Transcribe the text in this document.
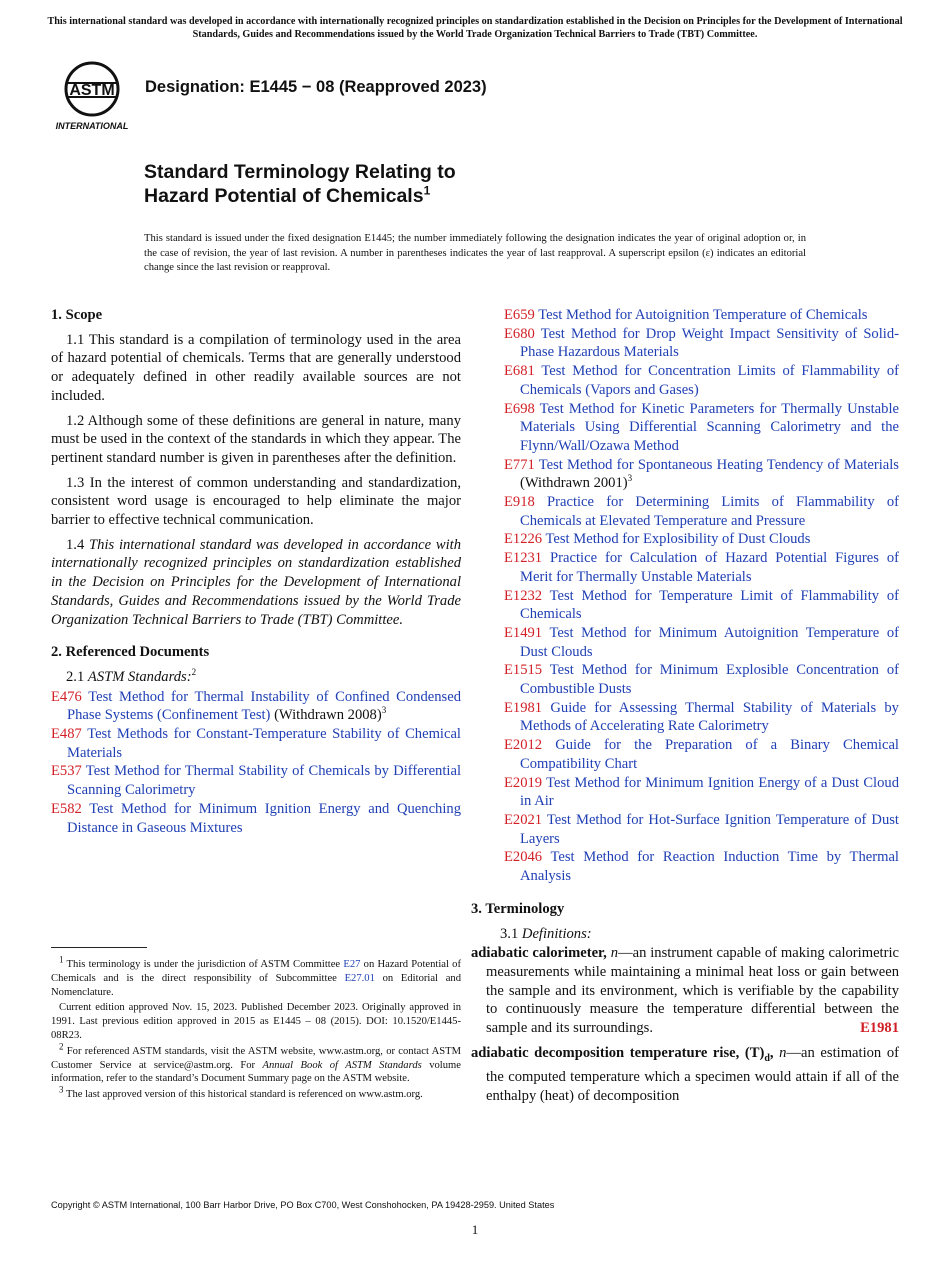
This international standard was developed in accordance with internationally recognized principles on standardization established in the Decision on Principles for the Development of International Standards, Guides and Recommendations issued by the World Trade Organization Technical Barriers to Trade (TBT) Committee.
ASTM
INTERNATIONAL
Designation: E1445 − 08 (Reapproved 2023)
Standard Terminology Relating to
Hazard Potential of Chemicals$^1$
This standard is issued under the fixed designation E1445; the number immediately following the designation indicates the year of original adoption or, in the case of revision, the year of last revision. A number in parentheses indicates the year of last reapproval. A superscript epsilon (ε) indicates an editorial change since the last revision or reapproval.
1. Scope

1.1 This standard is a compilation of terminology used in the area of hazard potential of chemicals. Terms that are generally understood or adequately defined in other readily available sources are not included.

1.2 Although some of these definitions are general in nature, many must be used in the context of the standards in which they appear. The pertinent standard number is given in parentheses after the definition.

1.3 In the interest of common understanding and standardization, consistent word usage is encouraged to help eliminate the major barrier to effective technical communication.

1.4 This international standard was developed in accordance with internationally recognized principles on standardization established in the Decision on Principles for the Development of International Standards, Guides and Recommendations issued by the World Trade Organization Technical Barriers to Trade (TBT) Committee.

2. Referenced Documents

2.1 ASTM Standards:$^2$

E476 Test Method for Thermal Instability of Confined Condensed Phase Systems (Confinement Test) (Withdrawn 2008)$^3$

E487 Test Methods for Constant-Temperature Stability of Chemical Materials

E537 Test Method for Thermal Stability of Chemicals by Differential Scanning Calorimetry

E582 Test Method for Minimum Ignition Energy and Quenching Distance in Gaseous Mixtures

$^1$ This terminology is under the jurisdiction of ASTM Committee E27 on Hazard Potential of Chemicals and is the direct responsibility of Subcommittee E27.01 on Editorial and Nomenclature.

Current edition approved Nov. 15, 2023. Published December 2023. Originally approved in 1991. Last previous edition approved in 2015 as E1445 – 08 (2015). DOI: 10.1520/E1445-08R23.

$^2$ For referenced ASTM standards, visit the ASTM website, www.astm.org, or contact ASTM Customer Service at service@astm.org. For Annual Book of ASTM Standards volume information, refer to the standard’s Document Summary page on the ASTM website.

$^3$ The last approved version of this historical standard is referenced on www.astm.org.

E659 Test Method for Autoignition Temperature of Chemicals

E680 Test Method for Drop Weight Impact Sensitivity of Solid-Phase Hazardous Materials

E681 Test Method for Concentration Limits of Flammability of Chemicals (Vapors and Gases)

E698 Test Method for Kinetic Parameters for Thermally Unstable Materials Using Differential Scanning Calorimetry and the Flynn/Wall/Ozawa Method

E771 Test Method for Spontaneous Heating Tendency of Materials (Withdrawn 2001)$^3$

E918 Practice for Determining Limits of Flammability of Chemicals at Elevated Temperature and Pressure

E1226 Test Method for Explosibility of Dust Clouds

E1231 Practice for Calculation of Hazard Potential Figures of Merit for Thermally Unstable Materials

E1232 Test Method for Temperature Limit of Flammability of Chemicals

E1491 Test Method for Minimum Autoignition Temperature of Dust Clouds

E1515 Test Method for Minimum Explosible Concentration of Combustible Dusts

E1981 Guide for Assessing Thermal Stability of Materials by Methods of Accelerating Rate Calorimetry

E2012 Guide for the Preparation of a Binary Chemical Compatibility Chart

E2019 Test Method for Minimum Ignition Energy of a Dust Cloud in Air

E2021 Test Method for Hot-Surface Ignition Temperature of Dust Layers

E2046 Test Method for Reaction Induction Time by Thermal Analysis

3. Terminology

3.1 Definitions:

adiabatic calorimeter, n—an instrument capable of making calorimetric measurements while maintaining a minimal heat loss or gain between the sample and its environment, which is verifiable by the capability to continuously measure the temperature differential between the sample and its surroundings.	E1981

adiabatic decomposition temperature rise, $(T)_d$, n—an estimation of the computed temperature which a specimen would attain if all of the enthalpy (heat) of decomposition

Copyright © ASTM International, 100 Barr Harbor Drive, PO Box C700, West Conshohocken, PA 19428-2959. United States
1
